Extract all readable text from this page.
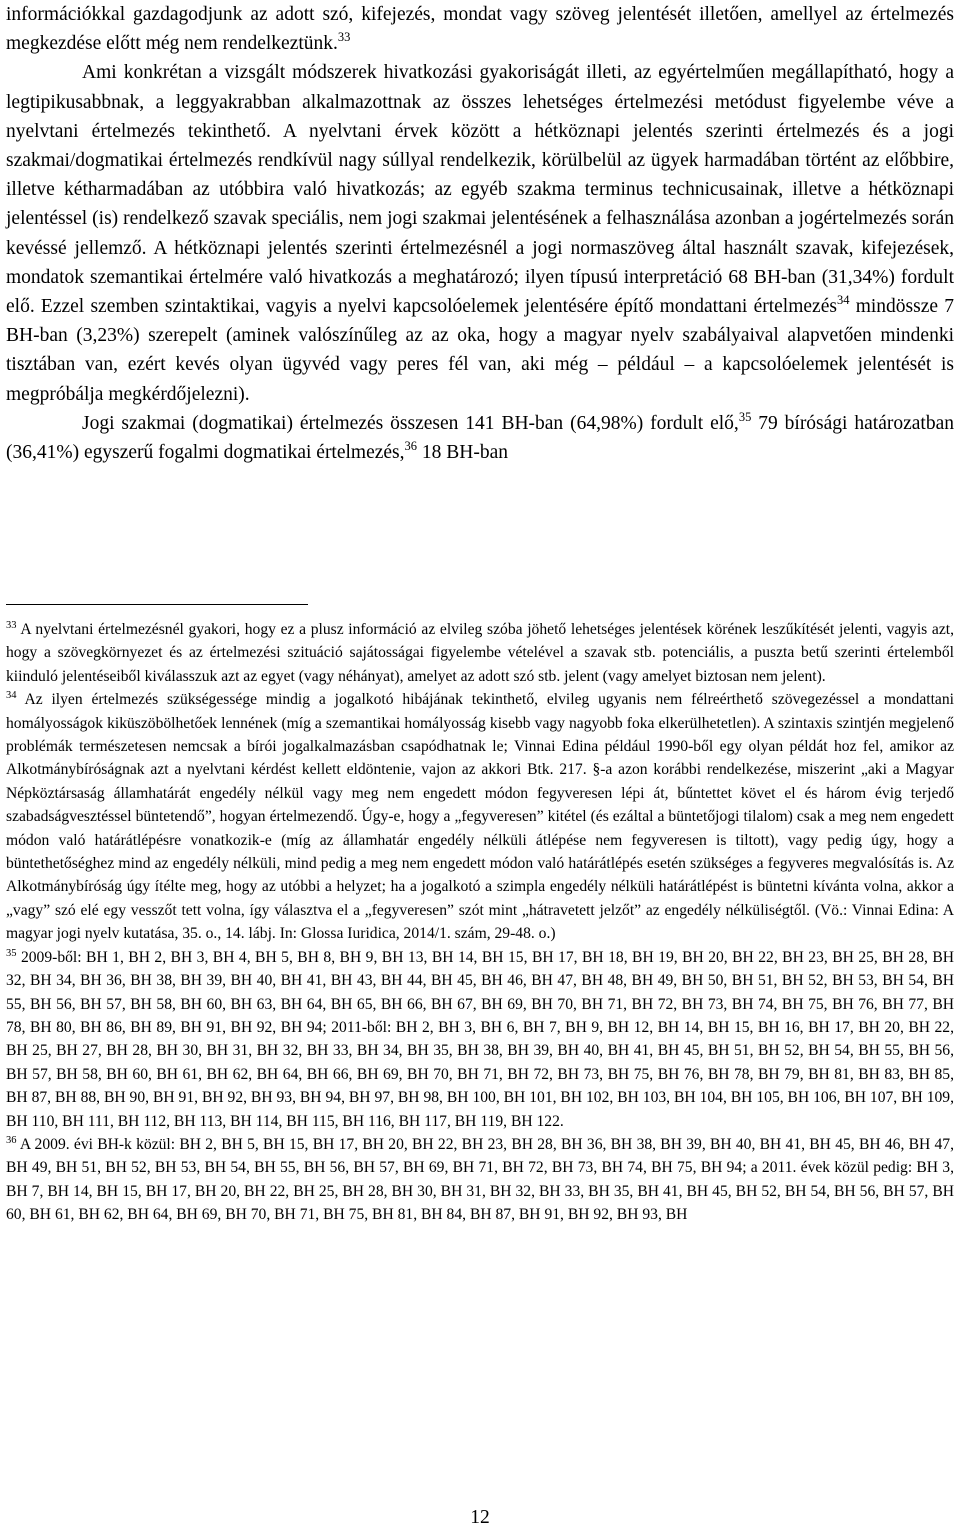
információkkal gazdagodjunk az adott szó, kifejezés, mondat vagy szöveg jelentését illetően, amellyel az értelmezés megkezdése előtt még nem rendelkeztünk.$^{33}$

Ami konkrétan a vizsgált módszerek hivatkozási gyakoriságát illeti, az egyértelműen megállapítható, hogy a legtipikusabbnak, a leggyakrabban alkalmazottnak az összes lehetséges értelmezési metódust figyelembe véve a nyelvtani értelmezés tekinthető. A nyelvtani érvek között a hétköznapi jelentés szerinti értelmezés és a jogi szakmai/dogmatikai értelmezés rendkívül nagy súllyal rendelkezik, körülbelül az ügyek harmadában történt az előbbire, illetve kétharmadában az utóbbira való hivatkozás; az egyéb szakma terminus technicusainak, illetve a hétköznapi jelentéssel (is) rendelkező szavak speciális, nem jogi szakmai jelentésének a felhasználása azonban a jogértelmezés során kevéssé jellemző. A hétköznapi jelentés szerinti értelmezésnél a jogi normaszöveg által használt szavak, kifejezések, mondatok szemantikai értelmére való hivatkozás a meghatározó; ilyen típusú interpretáció 68 BH-ban (31,34%) fordult elő. Ezzel szemben szintaktikai, vagyis a nyelvi kapcsolóelemek jelentésére építő mondattani értelmezés$^{34}$ mindössze 7 BH-ban (3,23%) szerepelt (aminek valószínűleg az az oka, hogy a magyar nyelv szabályaival alapvetően mindenki tisztában van, ezért kevés olyan ügyvéd vagy peres fél van, aki még – például – a kapcsolóelemek jelentését is megpróbálja megkérdőjelezni).

Jogi szakmai (dogmatikai) értelmezés összesen 141 BH-ban (64,98%) fordult elő,$^{35}$ 79 bírósági határozatban (36,41%) egyszerű fogalmi dogmatikai értelmezés,$^{36}$ 18 BH-ban

$^{33}$ A nyelvtani értelmezésnél gyakori, hogy ez a plusz információ az elvileg szóba jöhető lehetséges jelentések körének leszűkítését jelenti, vagyis azt, hogy a szövegkörnyezet és az értelmezési szituáció sajátosságai figyelembe vételével a szavak stb. potenciális, a puszta betű szerinti értelemből kiinduló jelentéseiből kiválasszuk azt az egyet (vagy néhányat), amelyet az adott szó stb. jelent (vagy amelyet biztosan nem jelent).

$^{34}$ Az ilyen értelmezés szükségessége mindig a jogalkotó hibájának tekinthető, elvileg ugyanis nem félreérthető szövegezéssel a mondattani homályosságok kiküszöbölhetőek lennének (míg a szemantikai homályosság kisebb vagy nagyobb foka elkerülhetetlen). A szintaxis szintjén megjelenő problémák természetesen nemcsak a bírói jogalkalmazásban csapódhatnak le; Vinnai Edina például 1990-ből egy olyan példát hoz fel, amikor az Alkotmánybíróságnak azt a nyelvtani kérdést kellett eldöntenie, vajon az akkori Btk. 217. §-a azon korábbi rendelkezése, miszerint „aki a Magyar Népköztársaság államhatárát engedély nélkül vagy meg nem engedett módon fegyveresen lépi át, bűntettet követ el és három évig terjedő szabadságvesztéssel büntetendő”, hogyan értelmezendő. Úgy-e, hogy a „fegyveresen” kitétel (és ezáltal a büntetőjogi tilalom) csak a meg nem engedett módon való határátlépésre vonatkozik-e (míg az államhatár engedély nélküli átlépése nem fegyveresen is tiltott), vagy pedig úgy, hogy a büntethetőséghez mind az engedély nélküli, mind pedig a meg nem engedett módon való határátlépés esetén szükséges a fegyveres megvalósítás is. Az Alkotmánybíróság úgy ítélte meg, hogy az utóbbi a helyzet; ha a jogalkotó a szimpla engedély nélküli határátlépést is büntetni kívánta volna, akkor a „vagy” szó elé egy vesszőt tett volna, így választva el a „fegyveresen” szót mint „hátravetett jelzőt” az engedély nélküliségtől. (Vö.: Vinnai Edina: A magyar jogi nyelv kutatása, 35. o., 14. lábj. In: Glossa Iuridica, 2014/1. szám, 29-48. o.)

$^{35}$ 2009-ből: BH 1, BH 2, BH 3, BH 4, BH 5, BH 8, BH 9, BH 13, BH 14, BH 15, BH 17, BH 18, BH 19, BH 20, BH 22, BH 23, BH 25, BH 28, BH 32, BH 34, BH 36, BH 38, BH 39, BH 40, BH 41, BH 43, BH 44, BH 45, BH 46, BH 47, BH 48, BH 49, BH 50, BH 51, BH 52, BH 53, BH 54, BH 55, BH 56, BH 57, BH 58, BH 60, BH 63, BH 64, BH 65, BH 66, BH 67, BH 69, BH 70, BH 71, BH 72, BH 73, BH 74, BH 75, BH 76, BH 77, BH 78, BH 80, BH 86, BH 89, BH 91, BH 92, BH 94; 2011-ből: BH 2, BH 3, BH 6, BH 7, BH 9, BH 12, BH 14, BH 15, BH 16, BH 17, BH 20, BH 22, BH 25, BH 27, BH 28, BH 30, BH 31, BH 32, BH 33, BH 34, BH 35, BH 38, BH 39, BH 40, BH 41, BH 45, BH 51, BH 52, BH 54, BH 55, BH 56, BH 57, BH 58, BH 60, BH 61, BH 62, BH 64, BH 66, BH 69, BH 70, BH 71, BH 72, BH 73, BH 75, BH 76, BH 78, BH 79, BH 81, BH 83, BH 85, BH 87, BH 88, BH 90, BH 91, BH 92, BH 93, BH 94, BH 97, BH 98, BH 100, BH 101, BH 102, BH 103, BH 104, BH 105, BH 106, BH 107, BH 109, BH 110, BH 111, BH 112, BH 113, BH 114, BH 115, BH 116, BH 117, BH 119, BH 122.

$^{36}$ A 2009. évi BH-k közül: BH 2, BH 5, BH 15, BH 17, BH 20, BH 22, BH 23, BH 28, BH 36, BH 38, BH 39, BH 40, BH 41, BH 45, BH 46, BH 47, BH 49, BH 51, BH 52, BH 53, BH 54, BH 55, BH 56, BH 57, BH 69, BH 71, BH 72, BH 73, BH 74, BH 75, BH 94; a 2011. évek közül pedig: BH 3, BH 7, BH 14, BH 15, BH 17, BH 20, BH 22, BH 25, BH 28, BH 30, BH 31, BH 32, BH 33, BH 35, BH 41, BH 45, BH 52, BH 54, BH 56, BH 57, BH 60, BH 61, BH 62, BH 64, BH 69, BH 70, BH 71, BH 75, BH 81, BH 84, BH 87, BH 91, BH 92, BH 93, BH

12
